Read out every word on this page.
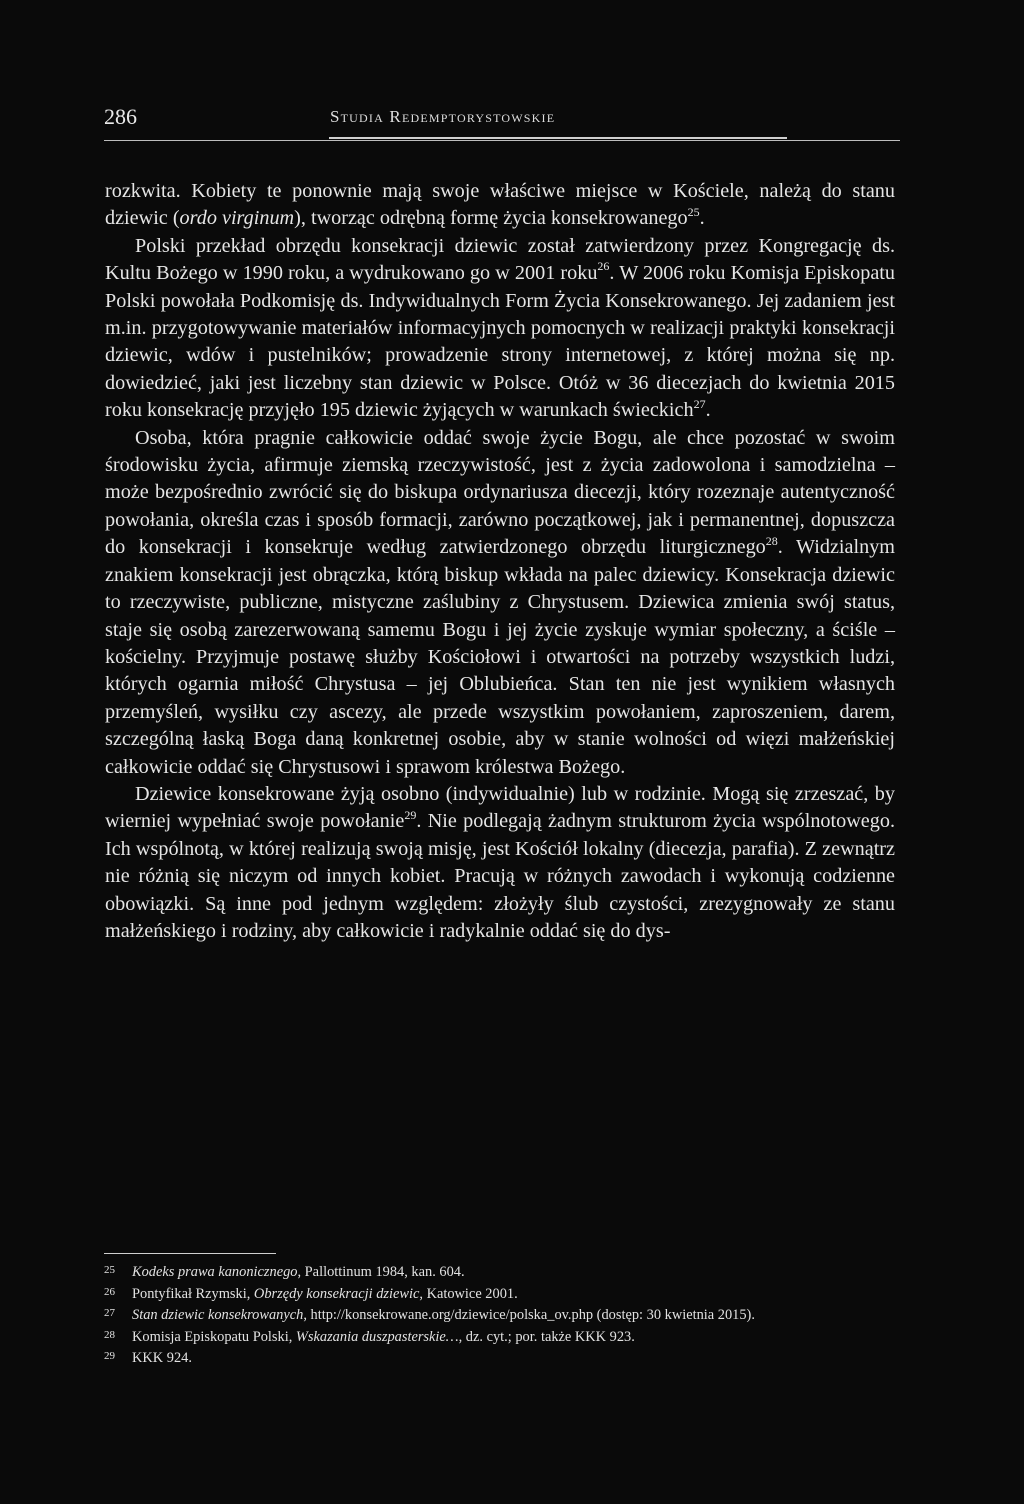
286	Studia Redemptorystowskie

rozkwita. Kobiety te ponownie mają swoje właściwe miejsce w Kościele, należą do stanu dziewic (ordo virginum), tworząc odrębną formę życia konsekrowanego$^{25}$.

Polski przekład obrzędu konsekracji dziewic został zatwierdzony przez Kongregację ds. Kultu Bożego w 1990 roku, a wydrukowano go w 2001 roku$^{26}$. W 2006 roku Komisja Episkopatu Polski powołała Podkomisję ds. Indywidualnych Form Życia Konsekrowanego. Jej zadaniem jest m.in. przygotowywanie materiałów informacyjnych pomocnych w realizacji praktyki konsekracji dziewic, wdów i pustelników; prowadzenie strony internetowej, z której można się np. dowiedzieć, jaki jest liczebny stan dziewic w Polsce. Otóż w 36 diecezjach do kwietnia 2015 roku konsekrację przyjęło 195 dziewic żyjących w warunkach świeckich$^{27}$.

Osoba, która pragnie całkowicie oddać swoje życie Bogu, ale chce pozostać w swoim środowisku życia, afirmuje ziemską rzeczywistość, jest z życia zadowolona i samodzielna – może bezpośrednio zwrócić się do biskupa ordynariusza diecezji, który rozeznaje autentyczność powołania, określa czas i sposób formacji, zarówno początkowej, jak i permanentnej, dopuszcza do konsekracji i konsekruje według zatwierdzonego obrzędu liturgicznego$^{28}$. Widzialnym znakiem konsekracji jest obrączka, którą biskup wkłada na palec dziewicy. Konsekracja dziewic to rzeczywiste, publiczne, mistyczne zaślubiny z Chrystusem. Dziewica zmienia swój status, staje się osobą zarezerwowaną samemu Bogu i jej życie zyskuje wymiar społeczny, a ściśle – kościelny. Przyjmuje postawę służby Kościołowi i otwartości na potrzeby wszystkich ludzi, których ogarnia miłość Chrystusa – jej Oblubieńca. Stan ten nie jest wynikiem własnych przemyśleń, wysiłku czy ascezy, ale przede wszystkim powołaniem, zaproszeniem, darem, szczególną łaską Boga daną konkretnej osobie, aby w stanie wolności od więzi małżeńskiej całkowicie oddać się Chrystusowi i sprawom królestwa Bożego.

Dziewice konsekrowane żyją osobno (indywidualnie) lub w rodzinie. Mogą się zrzeszać, by wierniej wypełniać swoje powołanie$^{29}$. Nie podlegają żadnym strukturom życia wspólnotowego. Ich wspólnotą, w której realizują swoją misję, jest Kościół lokalny (diecezja, parafia). Z zewnątrz nie różnią się niczym od innych kobiet. Pracują w różnych zawodach i wykonują codzienne obowiązki. Są inne pod jednym względem: złożyły ślub czystości, zrezygnowały ze stanu małżeńskiego i rodziny, aby całkowicie i radykalnie oddać się do dys-

25	Kodeks prawa kanonicznego, Pallottinum 1984, kan. 604.
26	Pontyfikał Rzymski, Obrzędy konsekracji dziewic, Katowice 2001.
27	Stan dziewic konsekrowanych, http://konsekrowane.org/dziewice/polska_ov.php (dostęp: 30 kwietnia 2015).
28	Komisja Episkopatu Polski, Wskazania duszpasterskie…, dz. cyt.; por. także KKK 923.
29	KKK 924.
